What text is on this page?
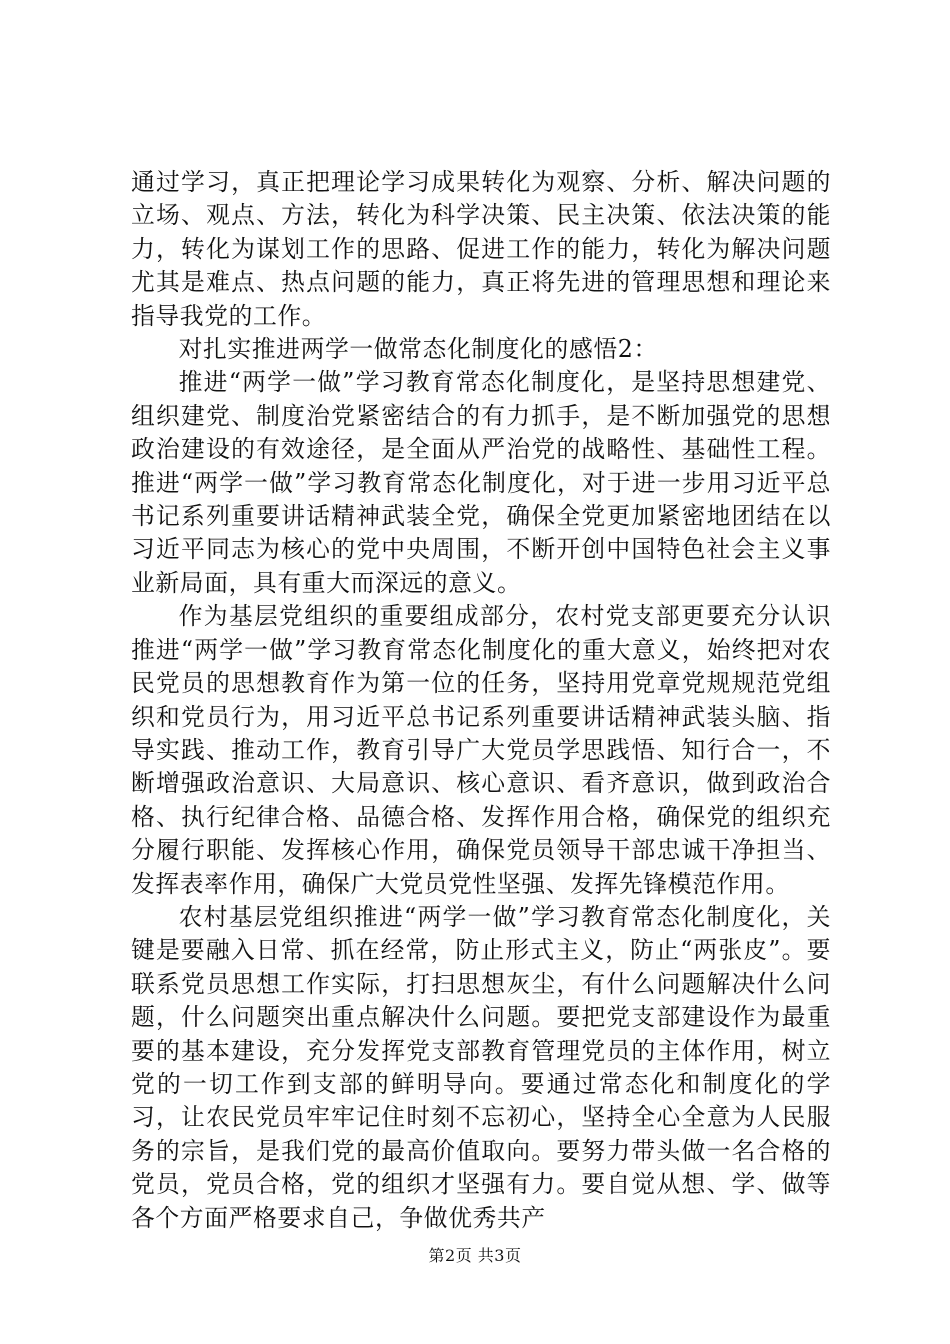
通过学习，真正把理论学习成果转化为观察、分析、解决问题的立场、观点、方法，转化为科学决策、民主决策、依法决策的能力，转化为谋划工作的思路、促进工作的能力，转化为解决问题尤其是难点、热点问题的能力，真正将先进的管理思想和理论来指导我党的工作。

对扎实推进两学一做常态化制度化的感悟2：

推进“两学一做”学习教育常态化制度化，是坚持思想建党、组织建党、制度治党紧密结合的有力抓手，是不断加强党的思想政治建设的有效途径，是全面从严治党的战略性、基础性工程。推进“两学一做”学习教育常态化制度化，对于进一步用习近平总书记系列重要讲话精神武装全党，确保全党更加紧密地团结在以习近平同志为核心的党中央周围，不断开创中国特色社会主义事业新局面，具有重大而深远的意义。

作为基层党组织的重要组成部分，农村党支部更要充分认识推进“两学一做”学习教育常态化制度化的重大意义，始终把对农民党员的思想教育作为第一位的任务，坚持用党章党规规范党组织和党员行为，用习近平总书记系列重要讲话精神武装头脑、指导实践、推动工作，教育引导广大党员学思践悟、知行合一，不断增强政治意识、大局意识、核心意识、看齐意识，做到政治合格、执行纪律合格、品德合格、发挥作用合格，确保党的组织充分履行职能、发挥核心作用，确保党员领导干部忠诚干净担当、发挥表率作用，确保广大党员党性坚强、发挥先锋模范作用。

农村基层党组织推进“两学一做”学习教育常态化制度化，关键是要融入日常、抓在经常，防止形式主义，防止“两张皮”。要联系党员思想工作实际，打扫思想灰尘，有什么问题解决什么问题，什么问题突出重点解决什么问题。要把党支部建设作为最重要的基本建设，充分发挥党支部教育管理党员的主体作用，树立党的一切工作到支部的鲜明导向。要通过常态化和制度化的学习，让农民党员牢牢记住时刻不忘初心，坚持全心全意为人民服务的宗旨，是我们党的最高价值取向。要努力带头做一名合格的党员，党员合格，党的组织才坚强有力。要自觉从想、学、做等各个方面严格要求自己，争做优秀共产

第2页 共3页
